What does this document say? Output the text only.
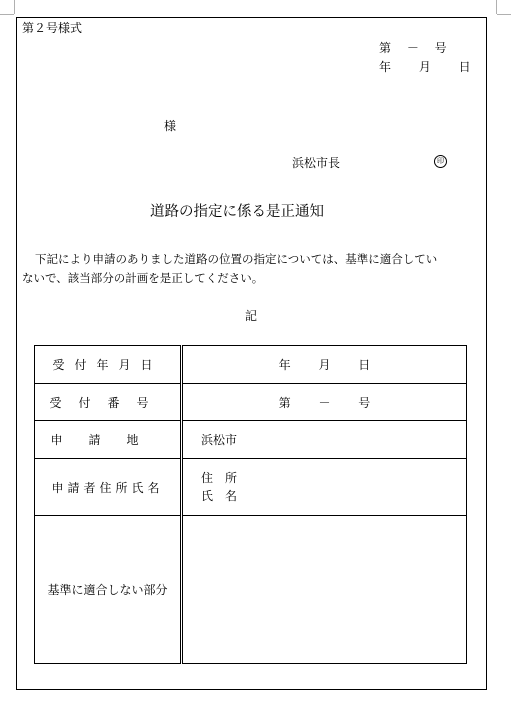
第２号様式
第 　－　 号
年　 　月 　　日
様
浜松市長	印
道路の指定に係る是正通知
下記により申請のありました道路の位置の指定については、基準に適合してい
ないで、該当部分の計画を是正してください。
記
受付年月日	年　　 月　　 日
受付番号	第　　 －　　 号
申請地	浜松市
申請者住所氏名	住　所
氏　名

基準に適合しない部分	
